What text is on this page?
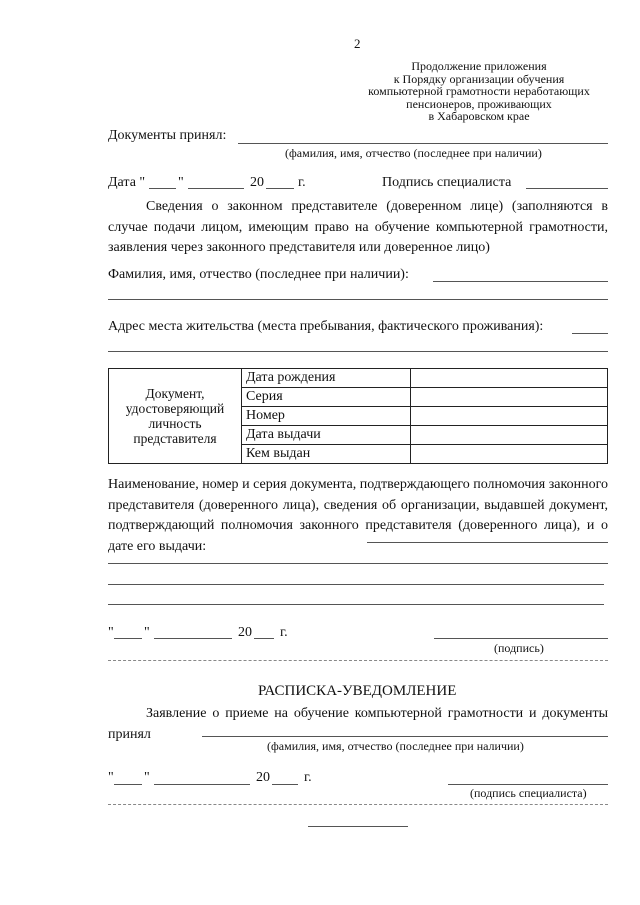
2
Продолжение приложения
к Порядку организации обучения
компьютерной грамотности неработающих
пенсионеров, проживающих
в Хабаровском крае
Документы принял:
(фамилия, имя, отчество (последнее при наличии)
Дата " "	20 г.	Подпись специалиста
Сведения о законном представителе (доверенном лице) (заполняются в случае подачи лицом, имеющим право на обучение компьютерной грамотности, заявления через законного представителя или доверенное лицо)
Фамилия, имя, отчество (последнее при наличии):
Адрес места жительства (места пребывания, фактического проживания):
Документ,
удостоверяющий
личность
представителя	Дата рождения	
	Серия	
	Номер	
	Дата выдачи	
	Кем выдан	
Наименование, номер и серия документа, подтверждающего полномочия законного представителя (доверенного лица), сведения об организации, выдавшей документ, подтверждающий полномочия законного представителя (доверенного лица), и о дате его выдачи:
" "	20 г.
(подпись)
РАСПИСКА-УВЕДОМЛЕНИЕ
Заявление о приеме на обучение компьютерной грамотности и документы принял
(фамилия, имя, отчество (последнее при наличии)
" "	20 г.
(подпись специалиста)
